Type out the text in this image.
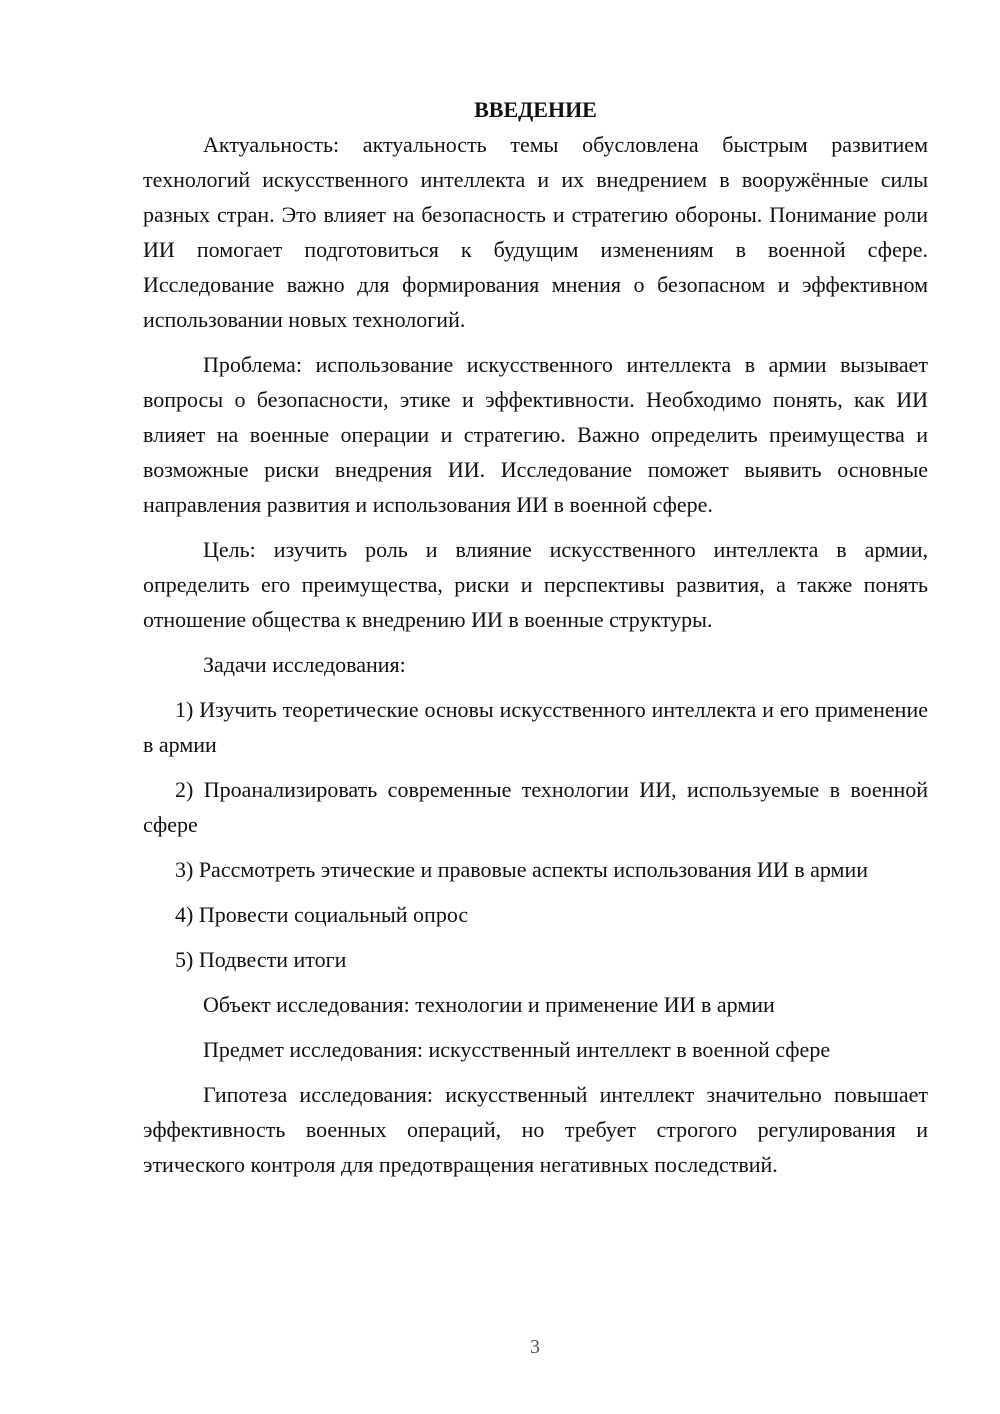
ВВЕДЕНИЕ

Актуальность: актуальность темы обусловлена быстрым развитием технологий искусственного интеллекта и их внедрением в вооружённые силы разных стран. Это влияет на безопасность и стратегию обороны. Понимание роли ИИ помогает подготовиться к будущим изменениям в военной сфере. Исследование важно для формирования мнения о безопасном и эффективном использовании новых технологий.

Проблема: использование искусственного интеллекта в армии вызывает вопросы о безопасности, этике и эффективности. Необходимо понять, как ИИ влияет на военные операции и стратегию. Важно определить преимущества и возможные риски внедрения ИИ. Исследование поможет выявить основные направления развития и использования ИИ в военной сфере.

Цель: изучить роль и влияние искусственного интеллекта в армии, определить его преимущества, риски и перспективы развития, а также понять отношение общества к внедрению ИИ в военные структуры.

Задачи исследования:

1) Изучить теоретические основы искусственного интеллекта и его применение в армии

2) Проанализировать современные технологии ИИ, используемые в военной сфере

3) Рассмотреть этические и правовые аспекты использования ИИ в армии

4) Провести социальный опрос

5) Подвести итоги

Объект исследования: технологии и применение ИИ в армии

Предмет исследования: искусственный интеллект в военной сфере

Гипотеза исследования: искусственный интеллект значительно повышает эффективность военных операций, но требует строгого регулирования и этического контроля для предотвращения негативных последствий.

3
